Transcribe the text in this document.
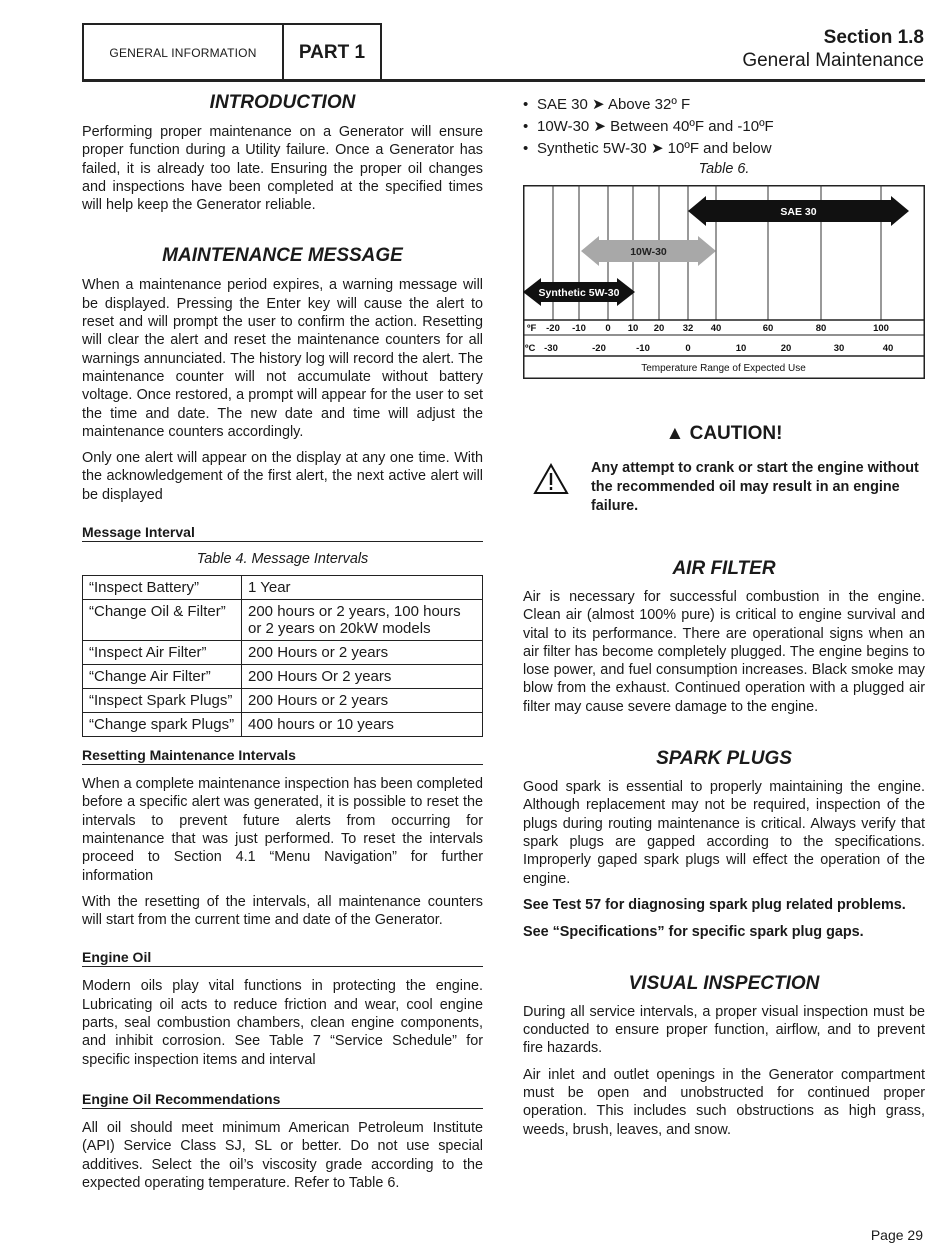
GENERAL INFORMATION PART 1
Section 1.8
General Maintenance
INTRODUCTION

Performing proper maintenance on a Generator will ensure proper function during a Utility failure. Once a Generator has failed, it is already too late. Ensuring the proper oil changes and inspections have been completed at the specified times will help keep the Generator reliable.

MAINTENANCE MESSAGE

When a maintenance period expires, a warning message will be displayed. Pressing the Enter key will cause the alert to reset and will prompt the user to confirm the action. Resetting will clear the alert and reset the maintenance counters for all warnings annunciated. The history log will record the alert. The maintenance counter will not accumulate without battery voltage. Once restored, a prompt will appear for the user to set the time and date. The new date and time will adjust the maintenance counters accordingly.

Only one alert will appear on the display at any one time. With the acknowledgement of the first alert, the next active alert will be displayed

Message Interval
Table 4. Message Intervals
“Inspect Battery”	1 Year
“Change Oil & Filter”	200 hours or 2 years, 100 hours or 2 years on 20kW models
“Inspect Air Filter”	200 Hours or 2 years
“Change Air Filter”	200 Hours Or 2 years
“Inspect Spark Plugs”	200 Hours or 2 years
“Change spark Plugs”	400 hours or 10 years
Resetting Maintenance Intervals

When a complete maintenance inspection has been completed before a specific alert was generated, it is possible to reset the intervals to prevent future alerts from occurring for maintenance that was just performed. To reset the intervals proceed to Section 4.1 “Menu Navigation” for further information

With the resetting of the intervals, all maintenance counters will start from the current time and date of the Generator.

Engine Oil

Modern oils play vital functions in protecting the engine. Lubricating oil acts to reduce friction and wear, cool engine parts, seal combustion chambers, clean engine components, and inhibit corrosion. See Table 7 “Service Schedule” for specific inspection items and interval

Engine Oil Recommendations

All oil should meet minimum American Petroleum Institute (API) Service Class SJ, SL or better. Do not use special additives. Select the oil’s viscosity grade according to the expected operating temperature. Refer to Table 6.

• SAE 30 ➤ Above 32º F
• 10W-30 ➤ Between 40ºF and -10ºF
• Synthetic 5W-30 ➤ 10ºF and below
Table 6.
SAE 30
10W-30
Synthetic 5W-30
ºF -20 -10 0 10 20 32 40	60	80	100
ºC -30	-20	-10	0	10	20	30	40
Temperature Range of Expected Use
▲ CAUTION!
Any attempt to crank or start the engine without the recommended oil may result in an engine failure.
AIR FILTER

Air is necessary for successful combustion in the engine. Clean air (almost 100% pure) is critical to engine survival and vital to its performance. There are operational signs when an air filter has become completely plugged. The engine begins to lose power, and fuel consumption increases. Black smoke may blow from the exhaust. Continued operation with a plugged air filter may cause severe damage to the engine.

SPARK PLUGS

Good spark is essential to properly maintaining the engine. Although replacement may not be required, inspection of the plugs during routing maintenance is critical. Always verify that spark plugs are gapped according to the specifications. Improperly gaped spark plugs will effect the operation of the engine.

See Test 57 for diagnosing spark plug related problems.
See “Specifications” for specific spark plug gaps.
VISUAL INSPECTION

During all service intervals, a proper visual inspection must be conducted to ensure proper function, airflow, and to prevent fire hazards.

Air inlet and outlet openings in the Generator compartment must be open and unobstructed for continued proper operation. This includes such obstructions as high grass, weeds, brush, leaves, and snow.

Page 29
